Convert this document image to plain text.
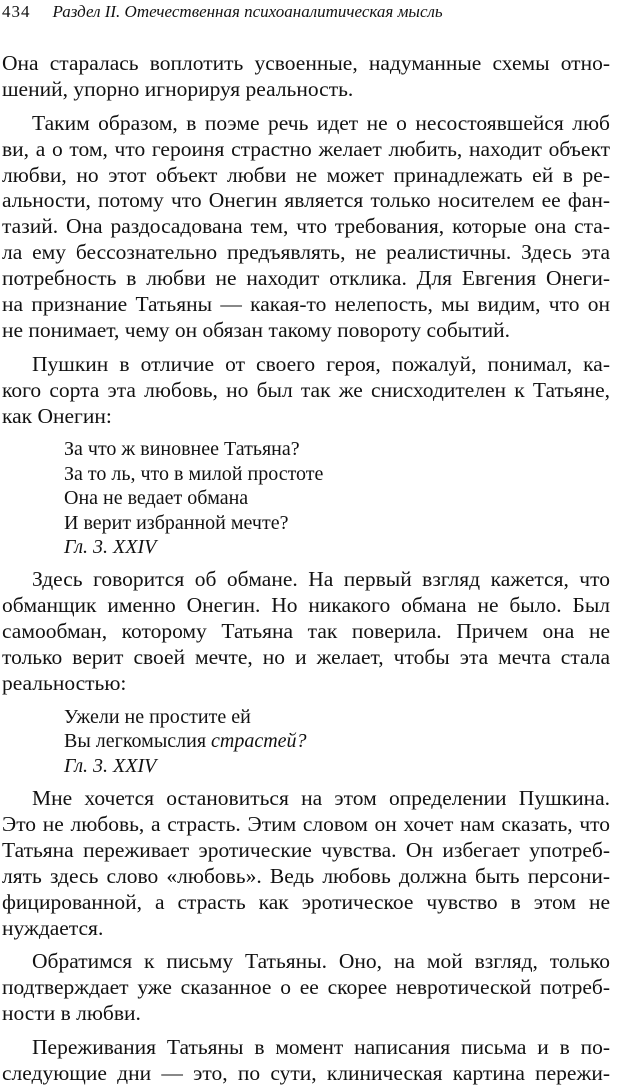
434 Раздел II. Отечественная психоаналитическая мысль
Она старалась воплотить усвоенные, надуманные схемы отно-
шений, упорно игнорируя реальность.
Таким образом, в поэме речь идет не о несостоявшейся люб
ви, а о том, что героиня страстно желает любить, находит объект
любви, но этот объект любви не может принадлежать ей в ре-
альности, потому что Онегин является только носителем ее фан-
тазий. Она раздосадована тем, что требования, которые она ста-
ла ему бессознательно предъявлять, не реалистичны. Здесь эта
потребность в любви не находит отклика. Для Евгения Онеги-
на признание Татьяны — какая-то нелепость, мы видим, что он
не понимает, чему он обязан такому повороту событий.
Пушкин в отличие от своего героя, пожалуй, понимал, ка-
кого сорта эта любовь, но был так же снисходителен к Татьяне,
как Онегин:
За что ж виновнее Татьяна?
За то ль, что в милой простоте
Она не ведает обмана
И верит избранной мечте?
Гл. 3. XXIV
Здесь говорится об обмане. На первый взгляд кажется, что
обманщик именно Онегин. Но никакого обмана не было. Был
самообман, которому Татьяна так поверила. Причем она не
только верит своей мечте, но и желает, чтобы эта мечта стала
реальностью:
Ужели не простите ей
Вы легкомыслия страстей?
Гл. 3. XXIV
Мне хочется остановиться на этом определении Пушкина.
Это не любовь, а страсть. Этим словом он хочет нам сказать, что
Татьяна переживает эротические чувства. Он избегает употреб-
лять здесь слово «любовь». Ведь любовь должна быть персони-
фицированной, а страсть как эротическое чувство в этом не
нуждается.
Обратимся к письму Татьяны. Оно, на мой взгляд, только
подтверждает уже сказанное о ее скорее невротической потреб-
ности в любви.
Переживания Татьяны в момент написания письма и в по-
следующие дни — это, по сути, клиническая картина пережи-
